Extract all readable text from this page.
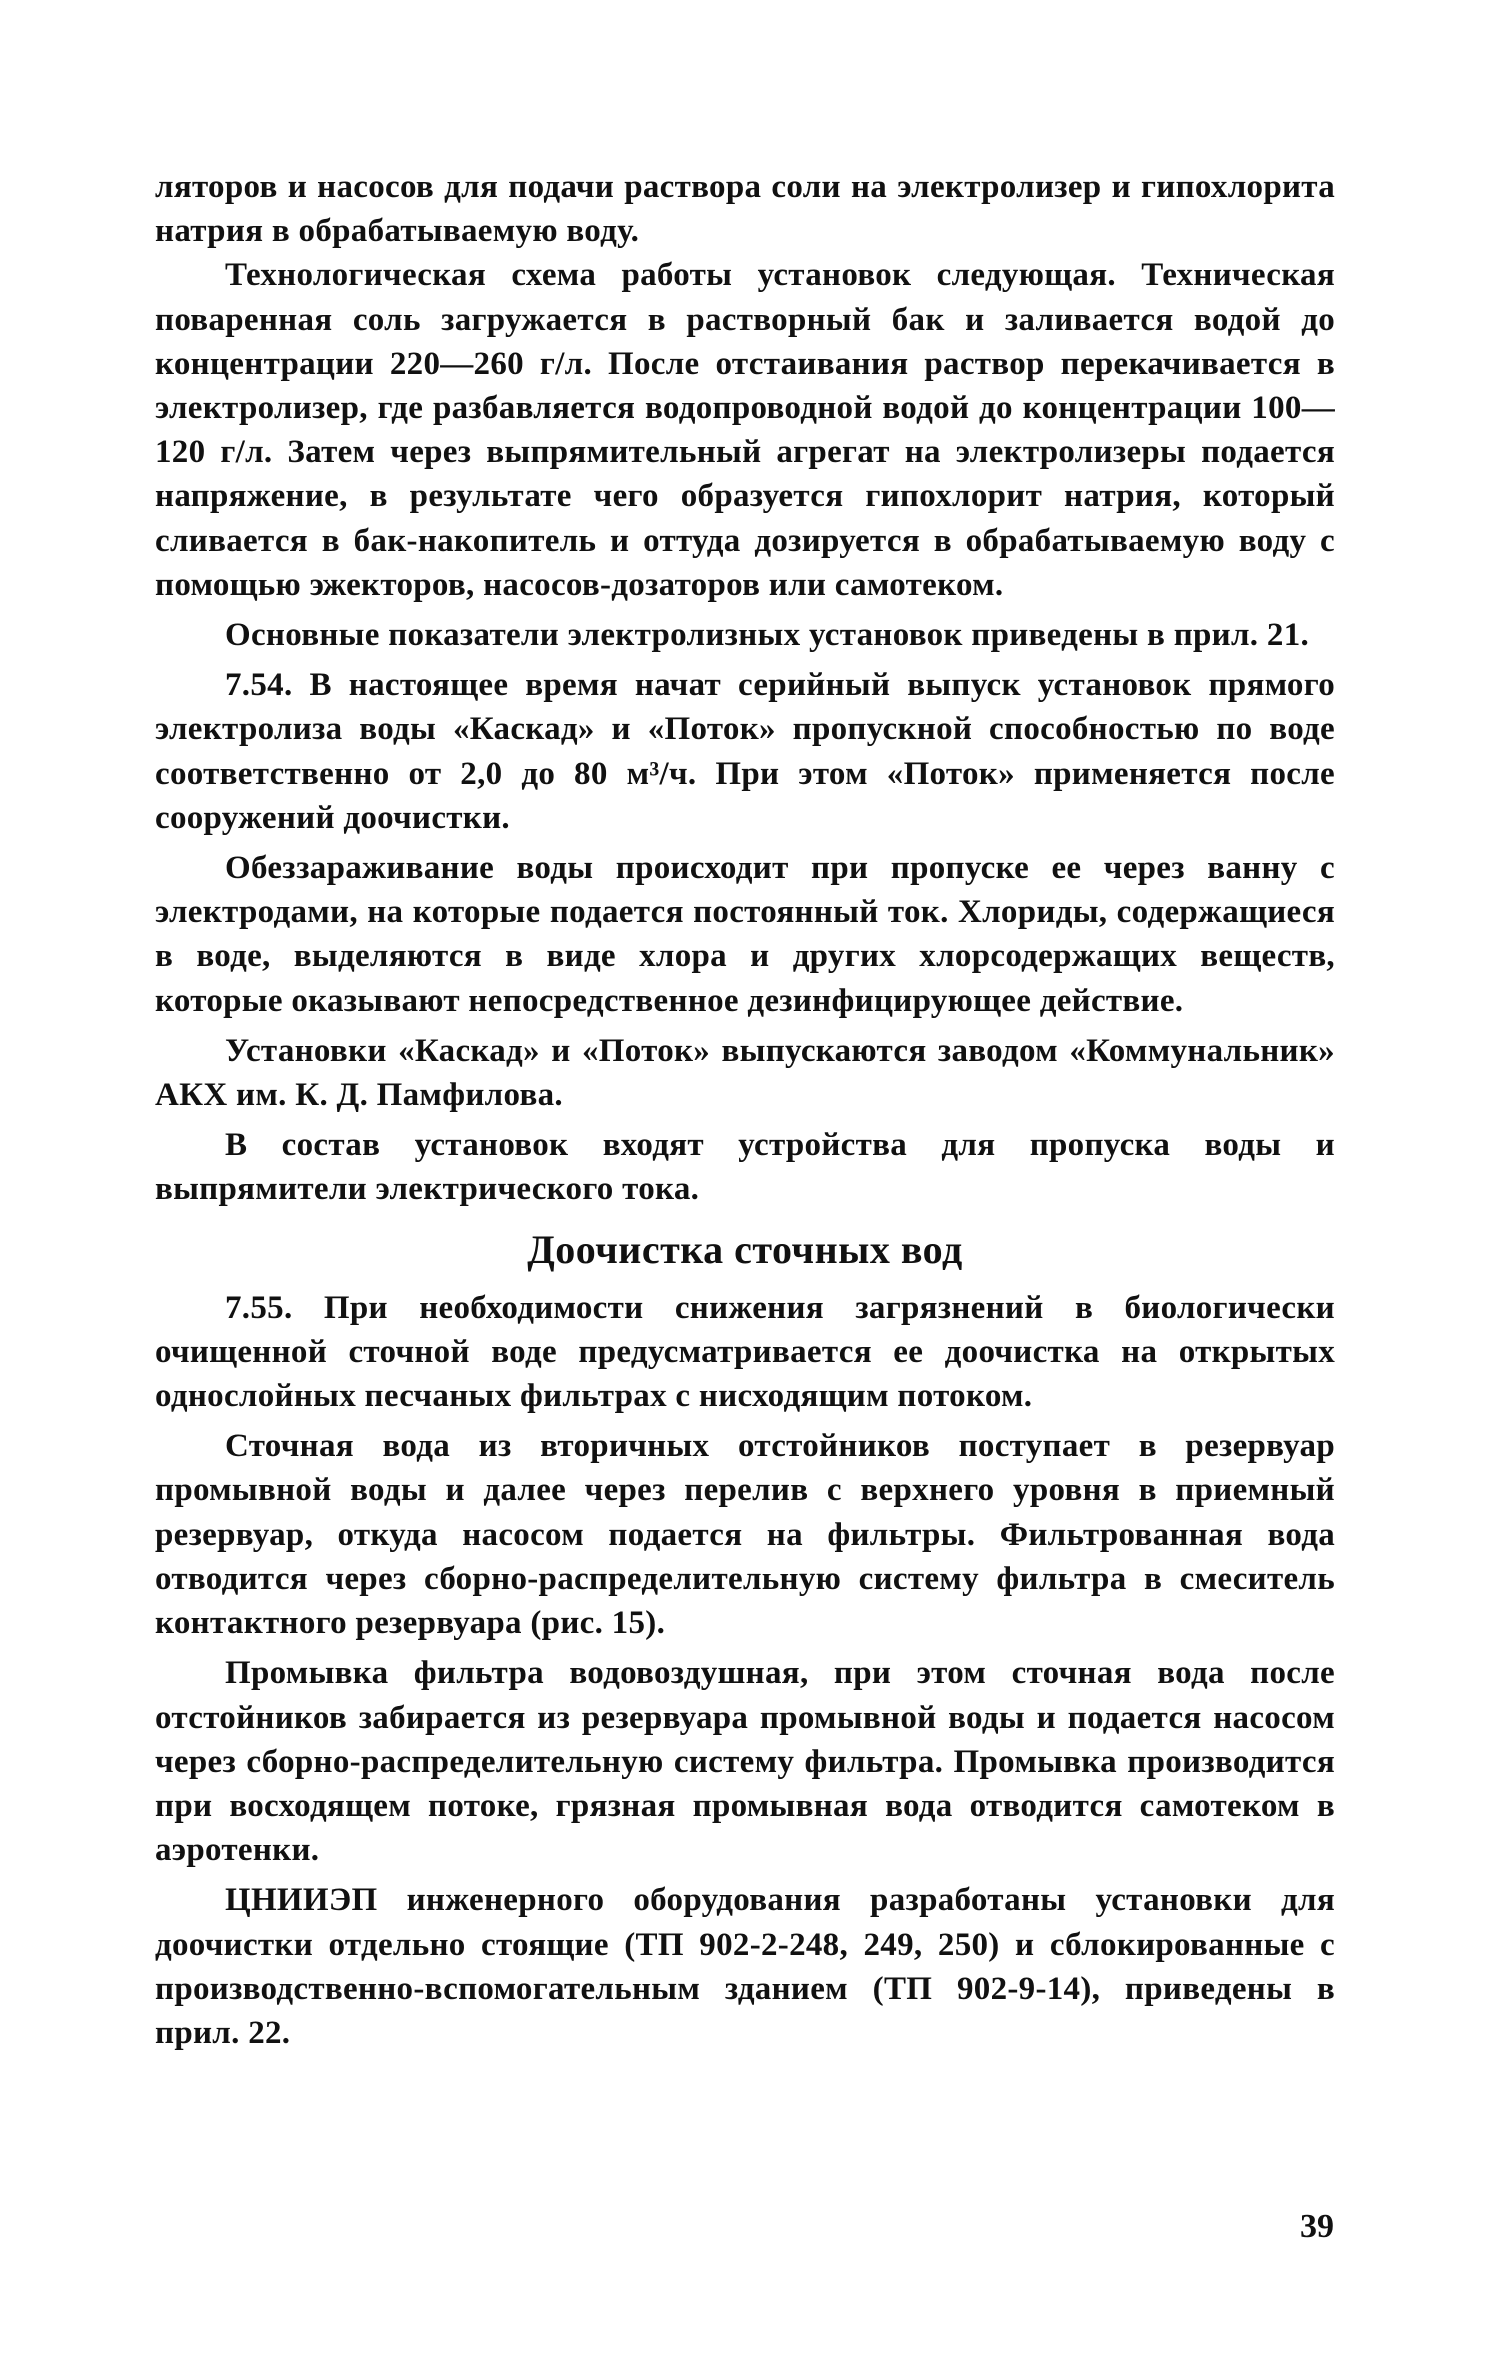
ляторов и насосов для подачи раствора соли на электролизер и гипохлорита натрия в обрабатываемую воду.

Технологическая схема работы установок следующая. Техническая поваренная соль загружается в растворный бак и заливается водой до концентрации 220—260 г/л. После отстаивания раствор перекачивается в электролизер, где разбавляется водопроводной водой до концентрации 100—120 г/л. Затем через выпрямительный агрегат на электролизеры подается напряжение, в результате чего образуется гипохлорит натрия, который сливается в бак-накопитель и оттуда дозируется в обрабатываемую воду с помощью эжекторов, насосов-дозаторов или самотеком.

Основные показатели электролизных установок приведены в прил. 21.

7.54. В настоящее время начат серийный выпуск установок прямого электролиза воды «Каскад» и «Поток» пропускной способностью по воде соответственно от 2,0 до 80 м³/ч. При этом «Поток» применяется после сооружений доочистки.

Обеззараживание воды происходит при пропуске ее через ванну с электродами, на которые подается постоянный ток. Хлориды, содержащиеся в воде, выделяются в виде хлора и других хлорсодержащих веществ, которые оказывают непосредственное дезинфицирующее действие.

Установки «Каскад» и «Поток» выпускаются заводом «Коммунальник» АКХ им. К. Д. Памфилова.

В состав установок входят устройства для пропуска воды и выпрямители электрического тока.

Доочистка сточных вод

7.55. При необходимости снижения загрязнений в биологически очищенной сточной воде предусматривается ее доочистка на открытых однослойных песчаных фильтрах с нисходящим потоком.

Сточная вода из вторичных отстойников поступает в резервуар промывной воды и далее через перелив с верхнего уровня в приемный резервуар, откуда насосом подается на фильтры. Фильтрованная вода отводится через сборно-распределительную систему фильтра в смеситель контактного резервуара (рис. 15).

Промывка фильтра водовоздушная, при этом сточная вода после отстойников забирается из резервуара промывной воды и подается насосом через сборно-распределительную систему фильтра. Промывка производится при восходящем потоке, грязная промывная вода отводится самотеком в аэротенки.

ЦНИИЭП инженерного оборудования разработаны установки для доочистки отдельно стоящие (ТП 902-2-248, 249, 250) и сблокированные с производственно-вспомогательным зданием (ТП 902-9-14), приведены в прил. 22.

39
